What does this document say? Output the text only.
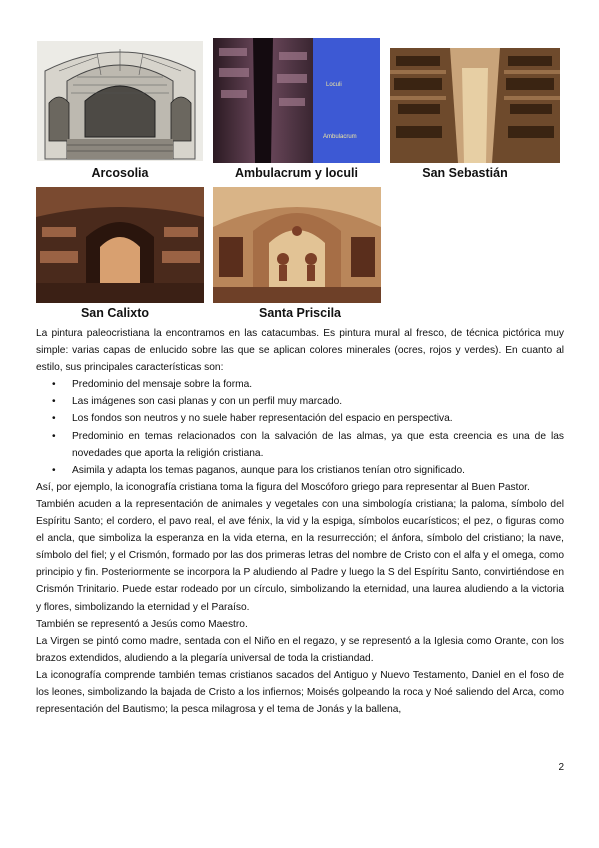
Arcosolia
Loculi
Ambulacrum
Ambulacrum y loculi	San Sebastián
San Calixto	Santa Priscila

La pintura paleocristiana la encontramos en las catacumbas. Es pintura mural al fresco, de técnica pictórica muy simple: varias capas de enlucido sobre las que se aplican colores minerales (ocres, rojos y verdes). En cuanto al estilo, sus principales características son:

• Predominio del mensaje sobre la forma.
• Las imágenes son casi planas y con un perfil muy marcado.
• Los fondos son neutros y no suele haber representación del espacio en perspectiva.
• Predominio en temas relacionados con la salvación de las almas, ya que esta creencia es una de las novedades que aporta la religión cristiana.
• Asimila y adapta los temas paganos, aunque para los cristianos tenían otro significado.

Así, por ejemplo, la iconografía cristiana toma la figura del Moscóforo griego para representar al Buen Pastor.

También acuden a la representación de animales y vegetales con una simbología cristiana; la paloma, símbolo del Espíritu Santo; el cordero, el pavo real, el ave fénix, la vid y la espiga, símbolos eucarísticos; el pez, o figuras como el ancla, que simboliza la esperanza en la vida eterna, en la resurrección; el ánfora, símbolo del cristiano; la nave, símbolo del fiel; y el Crismón, formado por las dos primeras letras del nombre de Cristo con el alfa y el omega, como principio y fin. Posteriormente se incorpora la P aludiendo al Padre y luego la S del Espíritu Santo, convirtiéndose en Crismón Trinitario. Puede estar rodeado por un círculo, simbolizando la eternidad, una laurea aludiendo a la victoria y flores, simbolizando la eternidad y el Paraíso.

También se representó a Jesús como Maestro.

La Virgen se pintó como madre, sentada con el Niño en el regazo, y se representó a la Iglesia como Orante, con los brazos extendidos, aludiendo a la plegaría universal de toda la cristiandad.

La iconografía comprende también temas cristianos sacados del Antiguo y Nuevo Testamento, Daniel en el foso de los leones, simbolizando la bajada de Cristo a los infiernos; Moisés golpeando la roca y Noé saliendo del Arca, como representación del Bautismo; la pesca milagrosa y el tema de Jonás y la ballena,

2
